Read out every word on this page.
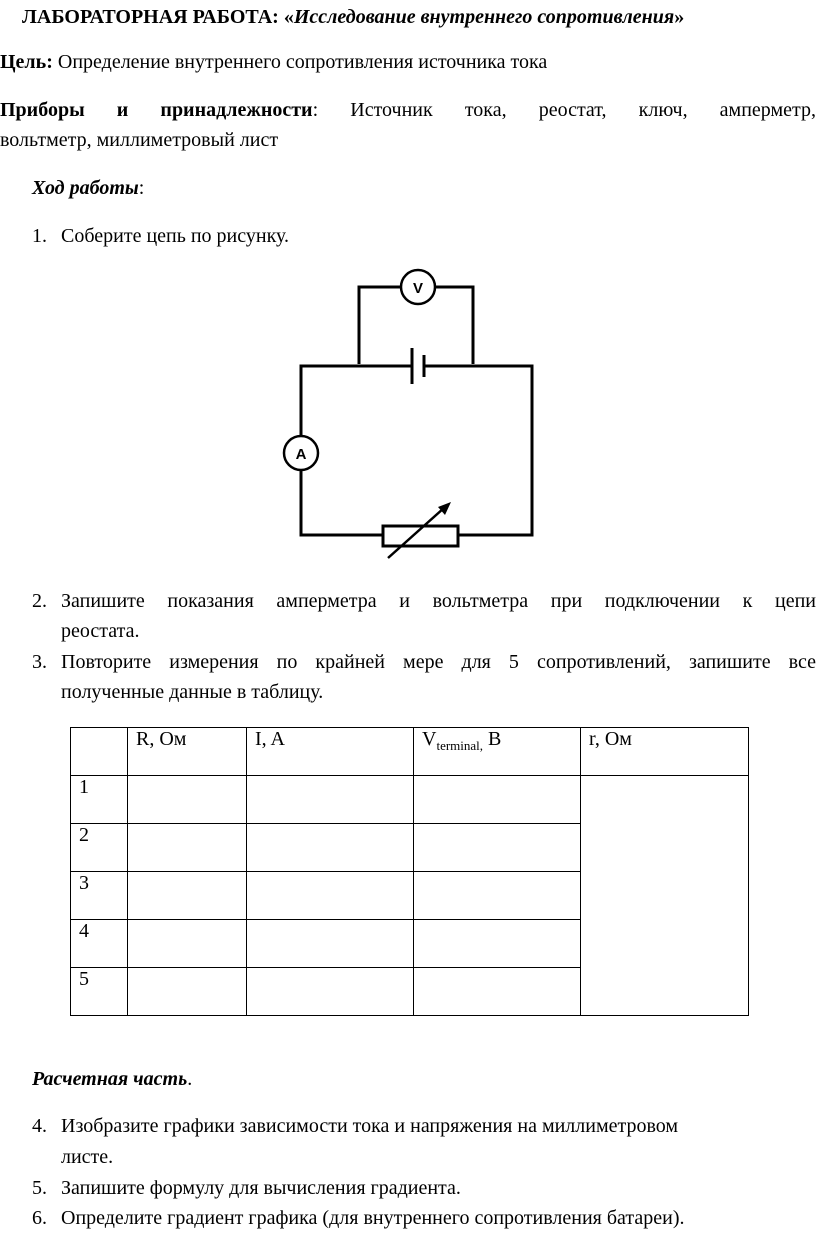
ЛАБОРАТОРНАЯ РАБОТА: «Исследование внутреннего сопротивления»
Цель: Определение внутреннего сопротивления источника тока
Приборы и принадлежности: Источник тока, реостат, ключ, амперметр,
вольтметр, миллиметровый лист
Ход работы:
1. Соберите цепь по рисунку.
V
A
2. Запишите показания амперметра и вольтметра при подключении к цепи
реостата.
3. Повторите измерения по крайней мере для 5 сопротивлений, запишите все
полученные данные в таблицу.
	R, Ом	I, A	$V_{terminal,}$ В	r, Ом
1				
2				
3				
4				
5				
Расчетная часть.
4. Изобразите графики зависимости тока и напряжения на миллиметровом
листе.
5. Запишите формулу для вычисления градиента.
6. Определите градиент графика (для внутреннего сопротивления батареи).
